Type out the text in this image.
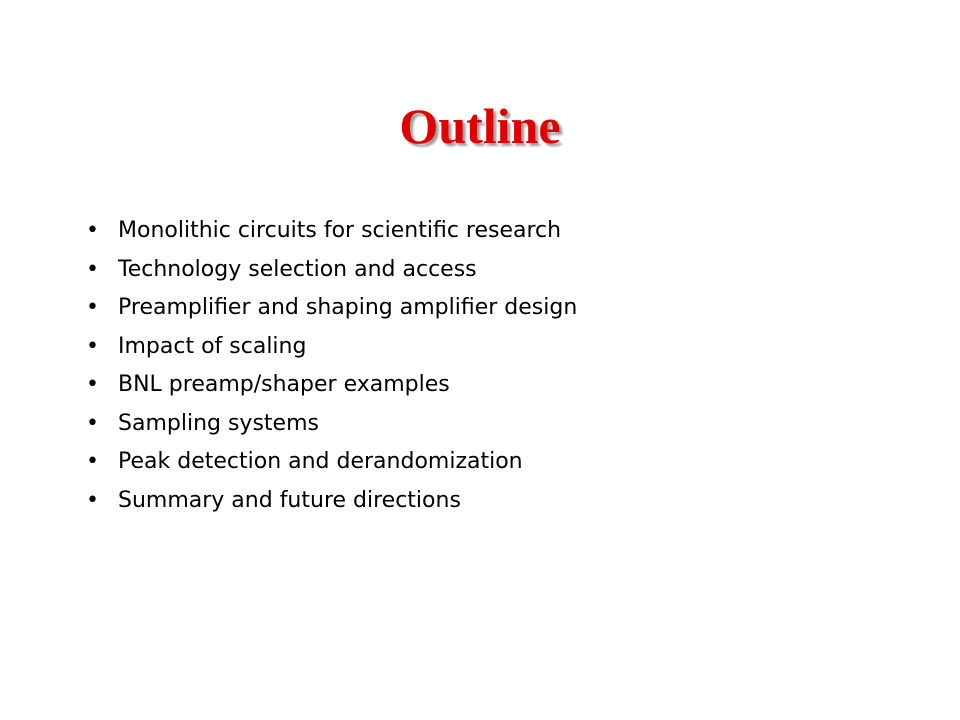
Outline
• Monolithic circuits for scientific research
• Technology selection and access
• Preamplifier and shaping amplifier design
• Impact of scaling
• BNL preamp/shaper examples
• Sampling systems
• Peak detection and derandomization
• Summary and future directions
